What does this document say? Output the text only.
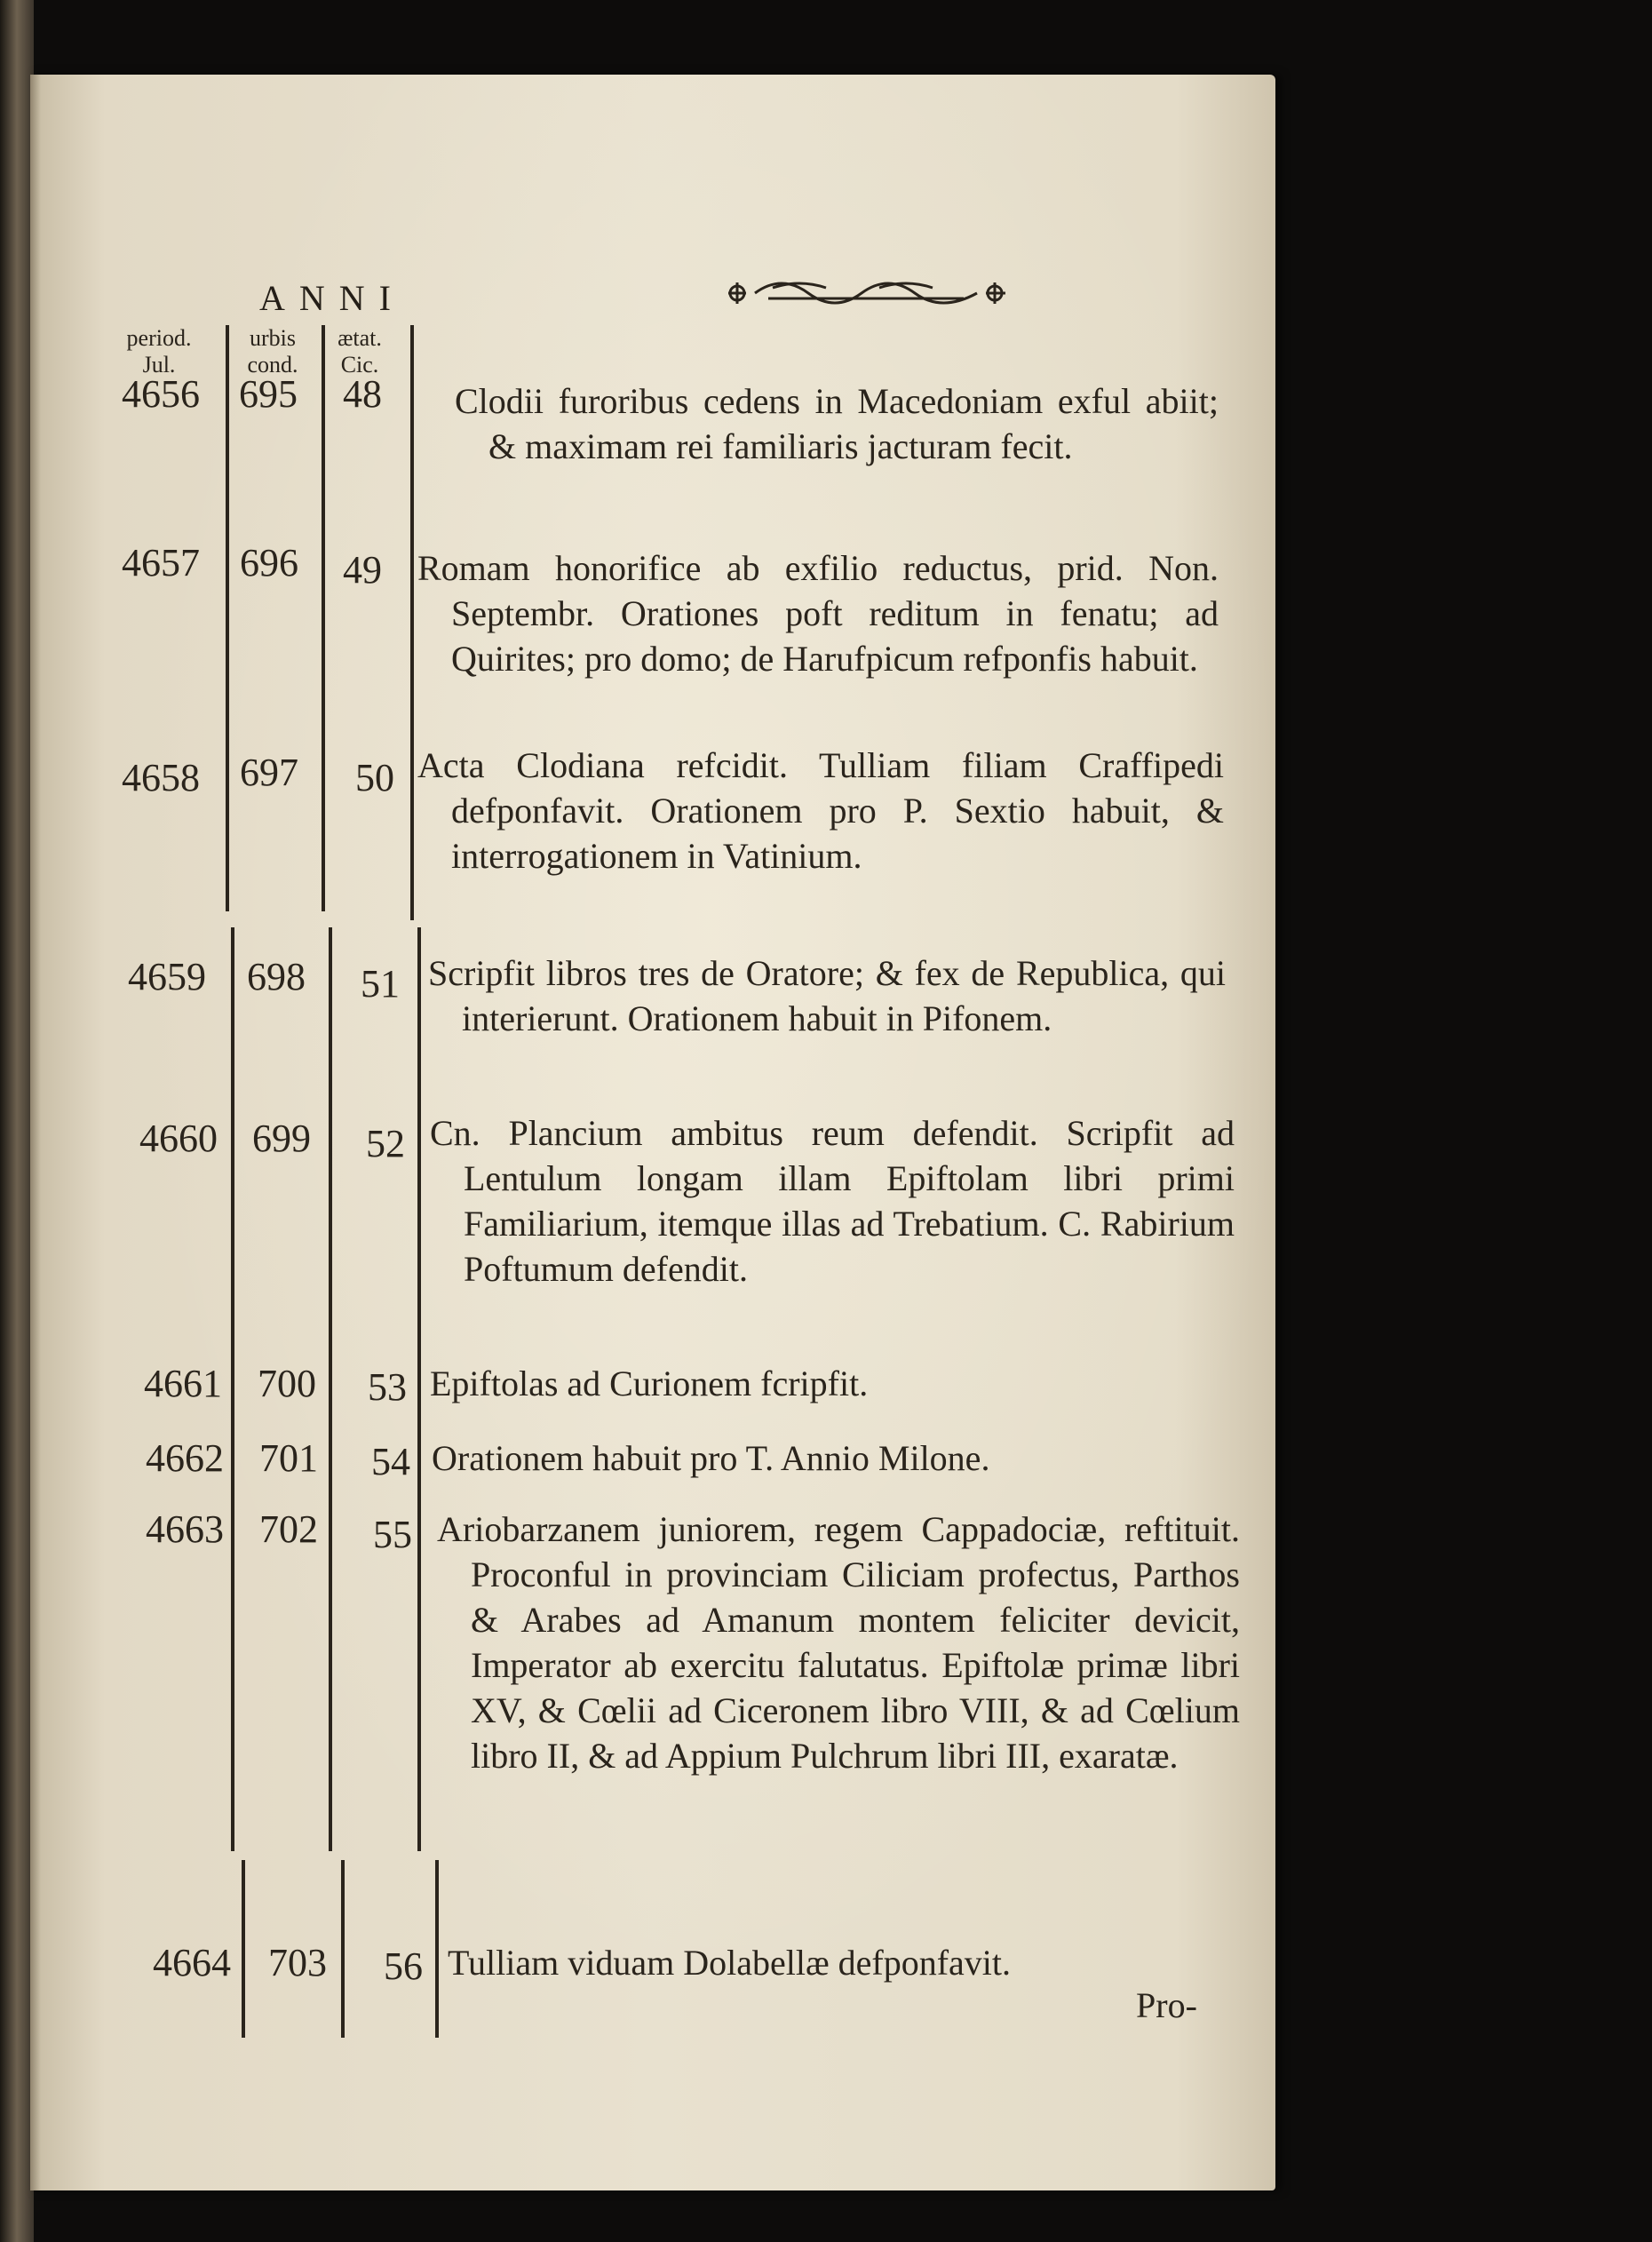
ANNI
period.
Jul.
urbis
cond.
ætat.
Cic.
4656 695 48 Clodii furoribus cedens in Macedoniam exful abiit; & maximam rei familiaris jacturam fecit.
4657 696 49 Romam honorifice ab exfilio reductus, prid. Non. Septembr. Orationes poft reditum in fenatu; ad Quirites; pro domo; de Harufpicum refponfis habuit.
4658 697 50 Acta Clodiana refcidit. Tulliam filiam Craffipedi defponfavit. Orationem pro P. Sextio habuit, & interrogationem in Vatinium.
4659 698 51 Scripfit libros tres de Oratore; & fex de Republica, qui interierunt. Orationem habuit in Pifonem.
4660 699 52 Cn. Plancium ambitus reum defendit. Scripfit ad Lentulum longam illam Epiftolam libri primi Familiarium, itemque illas ad Trebatium. C. Rabirium Poftumum defendit.
4661 700 53 Epiftolas ad Curionem fcripfit.
4662 701 54 Orationem habuit pro T. Annio Milone.
4663 702 55 Ariobarzanem juniorem, regem Cappadociæ, reftituit. Proconful in provinciam Ciliciam profectus, Parthos & Arabes ad Amanum montem feliciter devicit, Imperator ab exercitu falutatus. Epiftolæ primæ libri XV, & Cœlii ad Ciceronem libro VIII, & ad Cœlium libro II, & ad Appium Pulchrum libri III, exaratæ.
4664 703 56 Tulliam viduam Dolabellæ defponfavit.
Pro-
